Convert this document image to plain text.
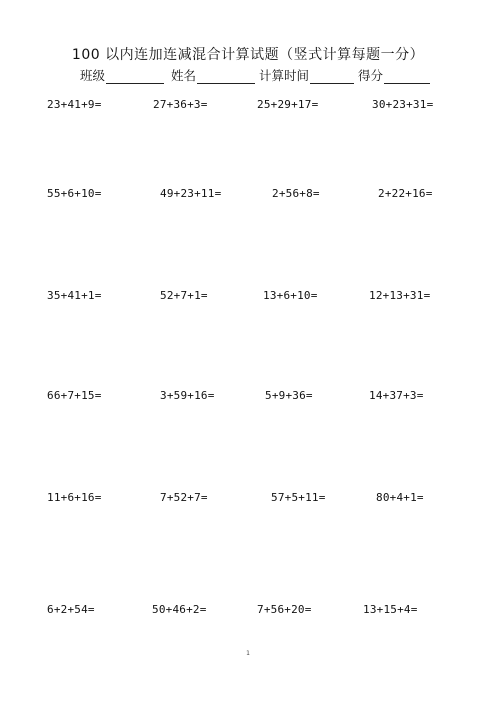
100 以内连加连减混合计算试题（竖式计算每题一分）
班级	姓名	计算时间	得分
23+41+9=	27+36+3=	25+29+17=	30+23+31=
55+6+10=	49+23+11=	2+56+8=	2+22+16=
35+41+1=	52+7+1=	13+6+10=	12+13+31=
66+7+15=	3+59+16=	5+9+36=	14+37+3=
11+6+16=	7+52+7=	57+5+11=	80+4+1=
6+2+54=	50+46+2=	7+56+20=	13+15+4=
1
